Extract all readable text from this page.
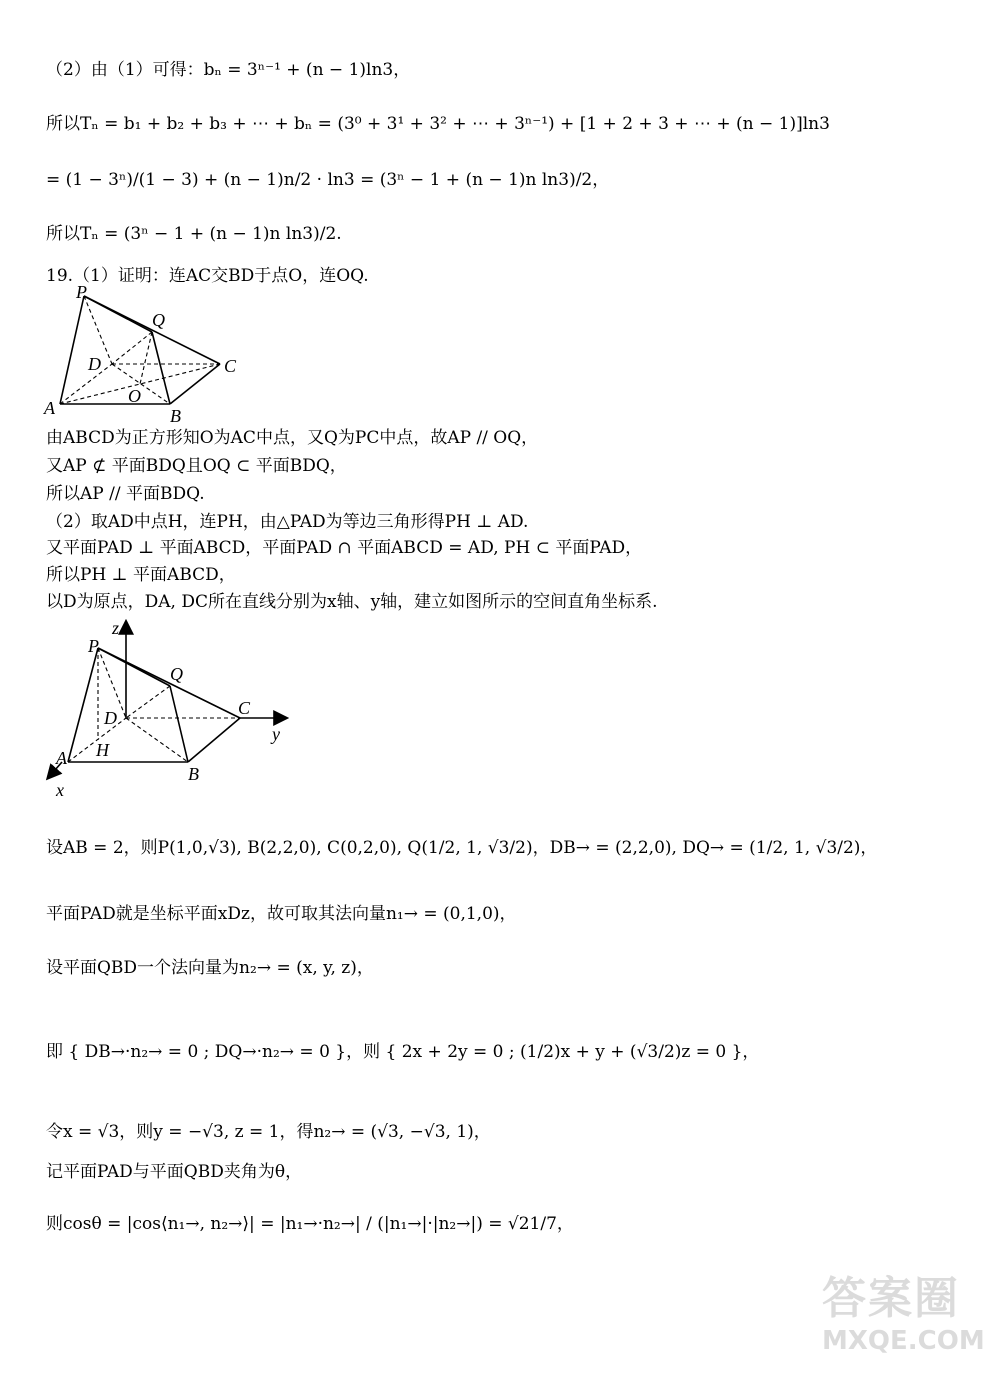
（2）由（1）可得：bₙ = 3ⁿ⁻¹ + (n − 1)ln3，
所以Tₙ = b₁ + b₂ + b₃ + ⋯ + bₙ = (3⁰ + 3¹ + 3² + ⋯ + 3ⁿ⁻¹) + [1 + 2 + 3 + ⋯ + (n − 1)]ln3
= (1 − 3ⁿ)/(1 − 3) + (n − 1)n/2 · ln3 = (3ⁿ − 1 + (n − 1)n ln3)/2，
所以Tₙ = (3ⁿ − 1 + (n − 1)n ln3)/2.
19.（1）证明：连AC交BD于点O，连OQ.
P
Q
D	C
O
A	B
由ABCD为正方形知O为AC中点，又Q为PC中点，故AP // OQ，
又AP ⊄ 平面BDQ且OQ ⊂ 平面BDQ，
所以AP // 平面BDQ.
（2）取AD中点H，连PH，由△PAD为等边三角形得PH ⊥ AD.
又平面PAD ⊥ 平面ABCD，平面PAD ∩ 平面ABCD = AD, PH ⊂ 平面PAD，
所以PH ⊥ 平面ABCD，
以D为原点，DA, DC所在直线分别为x轴、y轴，建立如图所示的空间直角坐标系.
z
P
Q
D	C
y
H
A
B
x
设AB = 2，则P(1,0,√3), B(2,2,0), C(0,2,0), Q(1/2, 1, √3/2)，DB→ = (2,2,0), DQ→ = (1/2, 1, √3/2)，
平面PAD就是坐标平面xDz，故可取其法向量n₁→ = (0,1,0)，
设平面QBD一个法向量为n₂→ = (x, y, z)，
即 { DB→·n₂→ = 0 ; DQ→·n₂→ = 0 }，则 { 2x + 2y = 0 ; (1/2)x + y + (√3/2)z = 0 }，
令x = √3，则y = −√3, z = 1，得n₂→ = (√3, −√3, 1)，
记平面PAD与平面QBD夹角为θ，
则cosθ = |cos⟨n₁→, n₂→⟩| = |n₁→·n₂→| / (|n₁→|·|n₂→|) = √21/7，
答案圈
MXQE.COM
